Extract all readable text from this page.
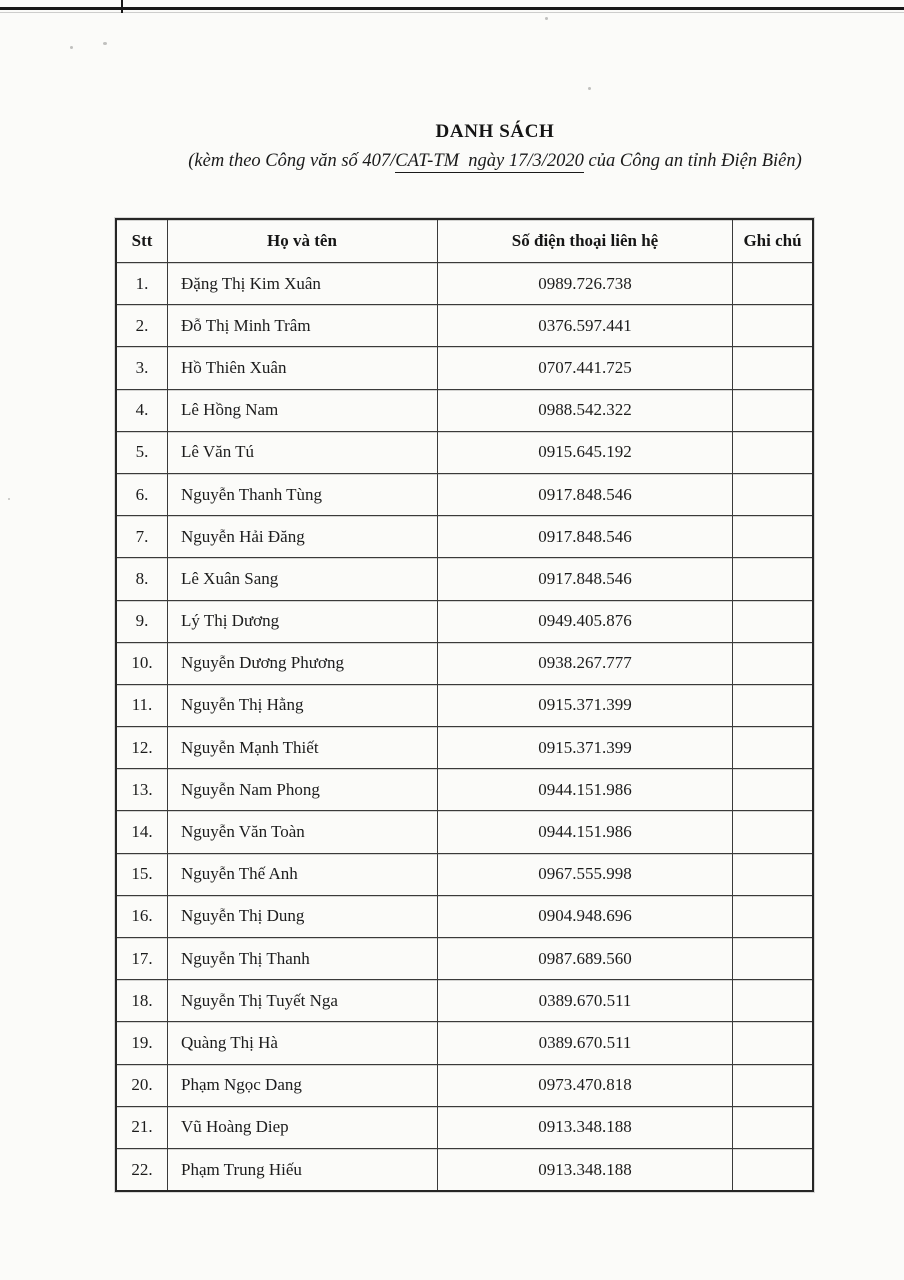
DANH SÁCH
(kèm theo Công văn số 407/CAT-TM  ngày 17/3/2020 của Công an tỉnh Điện Biên)
Stt	Họ và tên	Số điện thoại liên hệ	Ghi chú
1.	Đặng Thị Kim Xuân	0989.726.738	
2.	Đỗ Thị Minh Trâm	0376.597.441	
3.	Hồ Thiên Xuân	0707.441.725	
4.	Lê Hồng Nam	0988.542.322	
5.	Lê Văn Tú	0915.645.192	
6.	Nguyễn Thanh Tùng	0917.848.546	
7.	Nguyễn Hải Đăng	0917.848.546	
8.	Lê Xuân Sang	0917.848.546	
9.	Lý Thị Dương	0949.405.876	
10.	Nguyễn Dương Phương	0938.267.777	
11.	Nguyễn Thị Hằng	0915.371.399	
12.	Nguyễn Mạnh Thiết	0915.371.399	
13.	Nguyễn Nam Phong	0944.151.986	
14.	Nguyễn Văn Toàn	0944.151.986	
15.	Nguyễn Thế Anh	0967.555.998	
16.	Nguyễn Thị Dung	0904.948.696	
17.	Nguyễn Thị Thanh	0987.689.560	
18.	Nguyễn Thị Tuyết Nga	0389.670.511	
19.	Quàng Thị Hà	0389.670.511	
20.	Phạm Ngọc Dang	0973.470.818	
21.	Vũ Hoàng Diep	0913.348.188	
22.	Phạm Trung Hiếu	0913.348.188	
